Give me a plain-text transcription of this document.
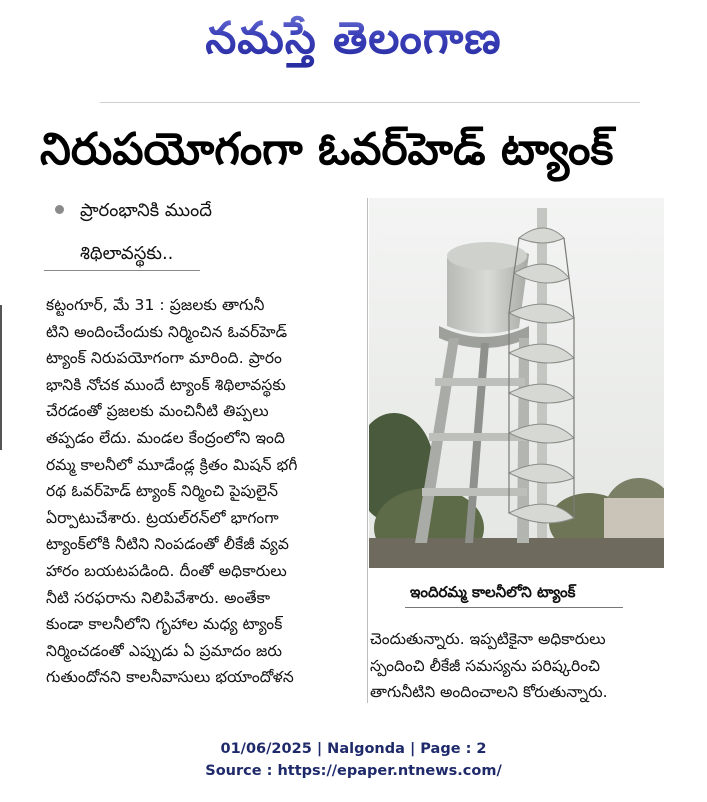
నమస్తే తెలంగాణ
నిరుపయోగంగా ఓవర్‌హెడ్ ట్యాంక్
ప్రారంభానికి ముందే
శిథిలావస్థకు..
కట్టంగూర్, మే 31 : ప్రజలకు తాగునీ
టిని అందించేందుకు నిర్మించిన ఓవర్‌హెడ్
ట్యాంక్ నిరుపయోగంగా మారింది. ప్రారం
భానికి నోచక ముందే ట్యాంక్ శిథిలావస్థకు
చేరడంతో ప్రజలకు మంచినీటి తిప్పలు
తప్పడం లేదు. మండల కేంద్రంలోని ఇంది
రమ్మ కాలనీలో మూడేండ్ల క్రితం మిషన్ భగీ
రథ ఓవర్‌హెడ్ ట్యాంక్ నిర్మించి పైపులైన్
ఏర్పాటుచేశారు. ట్రయల్‌రన్‌లో భాగంగా
ట్యాంక్‌లోకి నీటిని నింపడంతో లీకేజీ వ్యవ
హారం బయటపడింది. దీంతో అధికారులు
నీటి సరఫరాను నిలిపివేశారు. అంతేకా
కుండా కాలనీలోని గృహాల మధ్య ట్యాంక్
నిర్మించడంతో ఎప్పుడు ఏ ప్రమాదం జరు
గుతుందోనని కాలనీవాసులు భయాందోళన
ఇందిరమ్మ కాలనీలోని ట్యాంక్
చెందుతున్నారు. ఇప్పటికైనా అధికారులు
స్పందించి లీకేజీ సమస్యను పరిష్కరించి
తాగునీటిని అందించాలని కోరుతున్నారు.
01/06/2025 | Nalgonda | Page : 2
Source : https://epaper.ntnews.com/
